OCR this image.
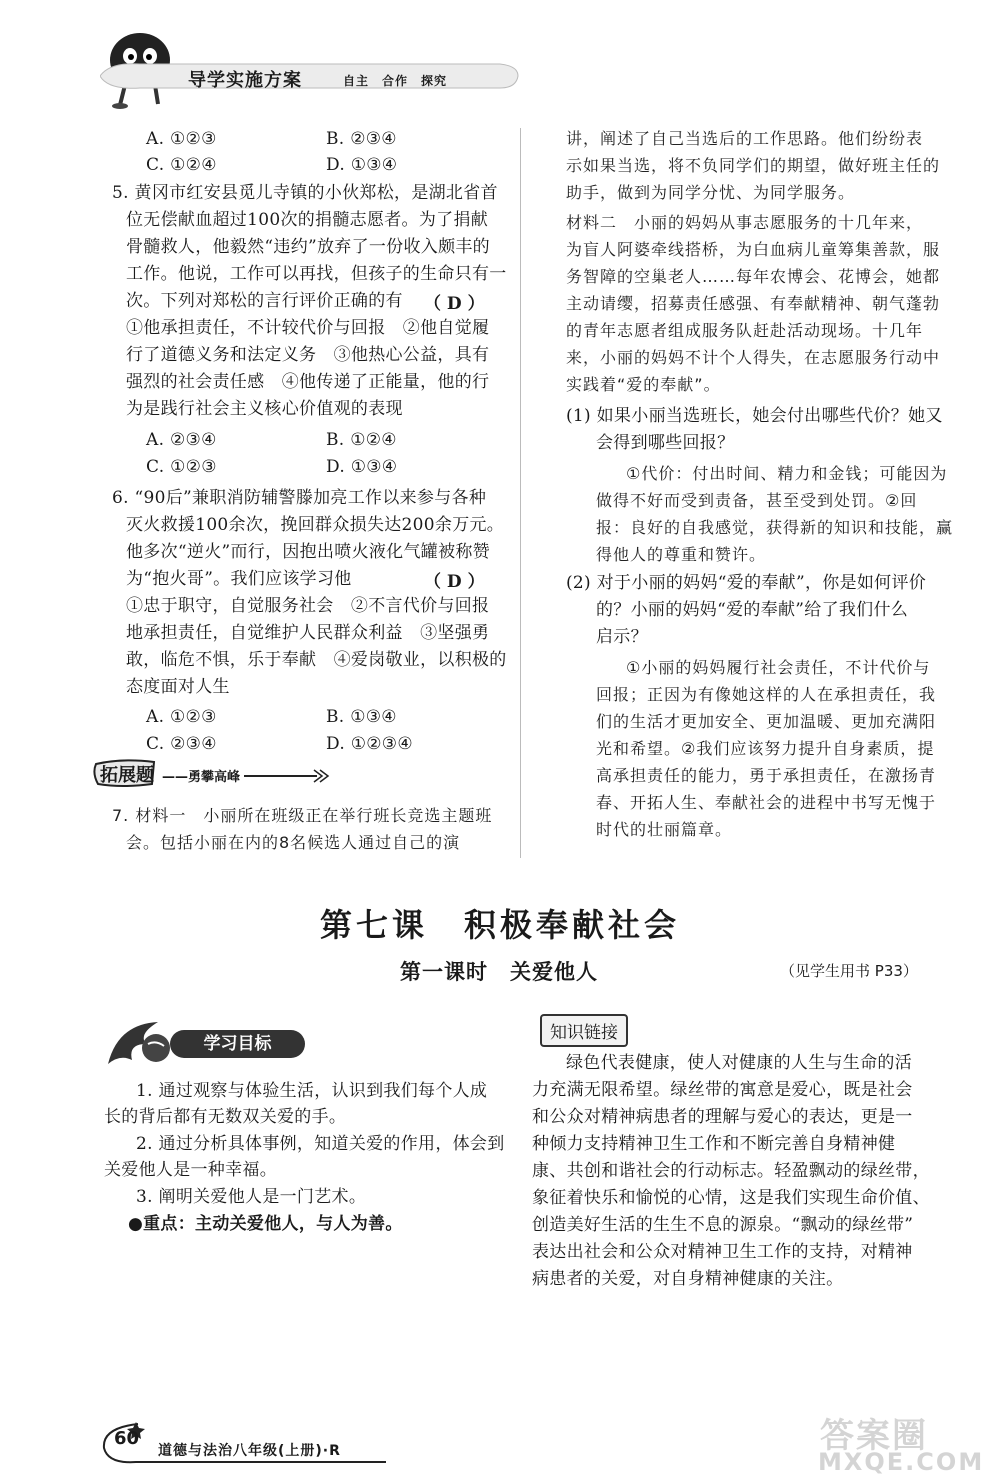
导学实施方案	自主　合作　探究
A. ①②③	B. ②③④
C. ①②④	D. ①③④
5. 黄冈市红安县觅儿寺镇的小伙郑松，是湖北省首
位无偿献血超过100次的捐髓志愿者。为了捐献
骨髓救人，他毅然“违约”放弃了一份收入颇丰的
工作。他说，工作可以再找，但孩子的生命只有一
次。下列对郑松的言行评价正确的有 （ D ）
①他承担责任，不计较代价与回报　②他自觉履
行了道德义务和法定义务　③他热心公益，具有
强烈的社会责任感　④他传递了正能量，他的行
为是践行社会主义核心价值观的表现
A. ②③④	B. ①②④
C. ①②③	D. ①③④
6. “90后”兼职消防辅警滕加亮工作以来参与各种
灭火救援100余次，挽回群众损失达200余万元。
他多次“逆火”而行，因抱出喷火液化气罐被称赞
为“抱火哥”。我们应该学习他	（ D ）
①忠于职守，自觉服务社会　②不言代价与回报
地承担责任，自觉维护人民群众利益　③坚强勇
敢，临危不惧，乐于奉献　④爱岗敬业，以积极的
态度面对人生
A. ①②③	B. ①③④
C. ②③④	D. ①②③④
拓展题 ——勇攀高峰
7. 材料一　小丽所在班级正在举行班长竞选主题班
会。包括小丽在内的8名候选人通过自己的演
讲，阐述了自己当选后的工作思路。他们纷纷表
示如果当选，将不负同学们的期望，做好班主任的
助手，做到为同学分忧、为同学服务。
材料二　小丽的妈妈从事志愿服务的十几年来，
为盲人阿婆牵线搭桥，为白血病儿童筹集善款，服
务智障的空巢老人……每年农博会、花博会，她都
主动请缨，招募责任感强、有奉献精神、朝气蓬勃
的青年志愿者组成服务队赶赴活动现场。十几年
来，小丽的妈妈不计个人得失，在志愿服务行动中
实践着“爱的奉献”。
(1) 如果小丽当选班长，她会付出哪些代价？她又
会得到哪些回报？
①代价：付出时间、精力和金钱；可能因为
做得不好而受到责备，甚至受到处罚。②回
报：良好的自我感觉，获得新的知识和技能，赢
得他人的尊重和赞许。
(2) 对于小丽的妈妈“爱的奉献”，你是如何评价
的？小丽的妈妈“爱的奉献”给了我们什么
启示？
①小丽的妈妈履行社会责任，不计代价与
回报；正因为有像她这样的人在承担责任，我
们的生活才更加安全、更加温暖、更加充满阳
光和希望。②我们应该努力提升自身素质，提
高承担责任的能力，勇于承担责任，在激扬青
春、开拓人生、奉献社会的进程中书写无愧于
时代的壮丽篇章。
第七课　积极奉献社会
第一课时　关爱他人	（见学生用书 P33）
学习目标
1. 通过观察与体验生活，认识到我们每个人成
长的背后都有无数双关爱的手。
2. 通过分析具体事例，知道关爱的作用，体会到
关爱他人是一种幸福。
3. 阐明关爱他人是一门艺术。
●重点：主动关爱他人，与人为善。
知识链接
绿色代表健康，使人对健康的人生与生命的活
力充满无限希望。绿丝带的寓意是爱心，既是社会
和公众对精神病患者的理解与爱心的表达，更是一
种倾力支持精神卫生工作和不断完善自身精神健
康、共创和谐社会的行动标志。轻盈飘动的绿丝带，
象征着快乐和愉悦的心情，这是我们实现生命价值、
创造美好生活的生生不息的源泉。“飘动的绿丝带”
表达出社会和公众对精神卫生工作的支持，对精神
病患者的关爱，对自身精神健康的关注。
60
道德与法治八年级(上册)·R	答案圈
MXQE.COM
